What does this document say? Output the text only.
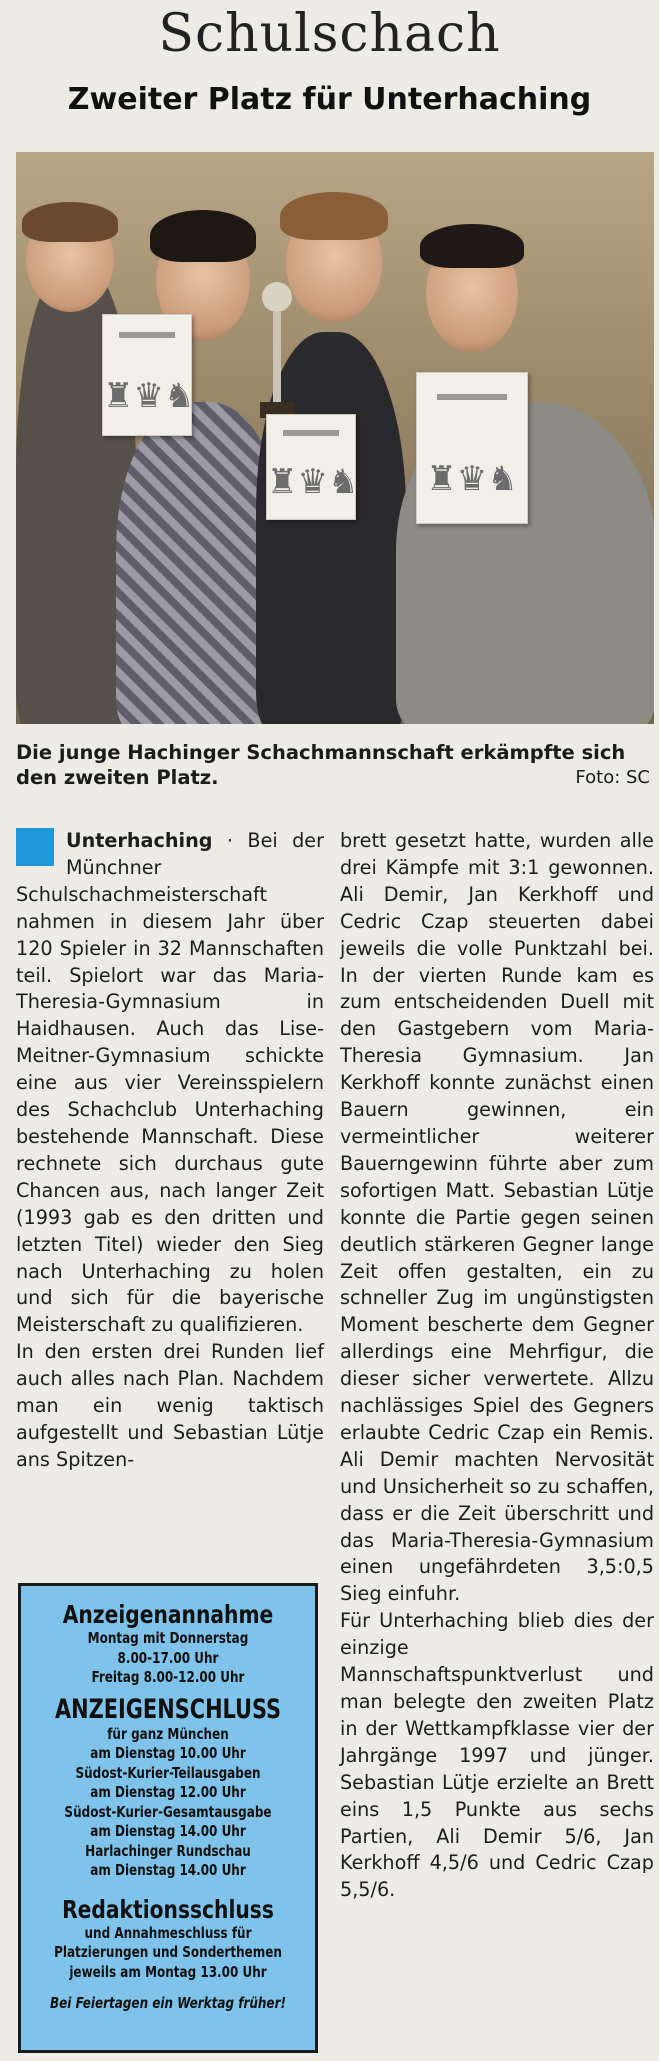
Schulschach
Zweiter Platz für Unterhaching
♜♛♞
♜♛♞
♜♛♞
Die junge Hachinger Schachmannschaft erkämpfte sich den zweiten Platz.	Foto: SC

Unterhaching · Bei der Münchner Schulschachmeisterschaft nahmen in diesem Jahr über 120 Spieler in 32 Mannschaften teil. Spielort war das Maria-Theresia-Gymnasium in Haidhausen. Auch das Lise-Meitner-Gymnasium schickte eine aus vier Vereinsspielern des Schachclub Unterhaching bestehende Mannschaft. Diese rechnete sich durchaus gute Chancen aus, nach langer Zeit (1993 gab es den dritten und letzten Titel) wieder den Sieg nach Unterhaching zu holen und sich für die bayerische Meisterschaft zu qualifizieren.

In den ersten drei Runden lief auch alles nach Plan. Nachdem man ein wenig taktisch aufgestellt und Sebastian Lütje ans Spitzen-

brett gesetzt hatte, wurden alle drei Kämpfe mit 3:1 gewonnen. Ali Demir, Jan Kerkhoff und Cedric Czap steuerten dabei jeweils die volle Punktzahl bei. In der vierten Runde kam es zum entscheidenden Duell mit den Gastgebern vom Maria-Theresia Gymnasium. Jan Kerkhoff konnte zunächst einen Bauern gewinnen, ein vermeintlicher weiterer Bauerngewinn führte aber zum sofortigen Matt. Sebastian Lütje konnte die Partie gegen seinen deutlich stärkeren Gegner lange Zeit offen gestalten, ein zu schneller Zug im ungünstigsten Moment bescherte dem Gegner allerdings eine Mehrfigur, die dieser sicher verwertete. Allzu nachlässiges Spiel des Gegners erlaubte Cedric Czap ein Remis. Ali Demir machten Nervosität und Unsicherheit so zu schaffen, dass er die Zeit überschritt und das Maria-Theresia-Gymnasium einen ungefährdeten 3,5:0,5 Sieg einfuhr.

Für Unterhaching blieb dies der einzige Mannschaftspunktverlust und man belegte den zweiten Platz in der Wettkampfklasse vier der Jahrgänge 1997 und jünger. Sebastian Lütje erzielte an Brett eins 1,5 Punkte aus sechs Partien, Ali Demir 5/6, Jan Kerkhoff 4,5/6 und Cedric Czap 5,5/6.

Anzeigenannahme
Montag mit Donnerstag
8.00-17.00 Uhr
Freitag 8.00-12.00 Uhr
ANZEIGENSCHLUSS
für ganz München
am Dienstag 10.00 Uhr
Südost-Kurier-Teilausgaben
am Dienstag 12.00 Uhr
Südost-Kurier-Gesamtausgabe
am Dienstag 14.00 Uhr
Harlachinger Rundschau
am Dienstag 14.00 Uhr
Redaktionsschluss
und Annahmeschluss für
Platzierungen und Sonderthemen
jeweils am Montag 13.00 Uhr
Bei Feiertagen ein Werktag früher!
